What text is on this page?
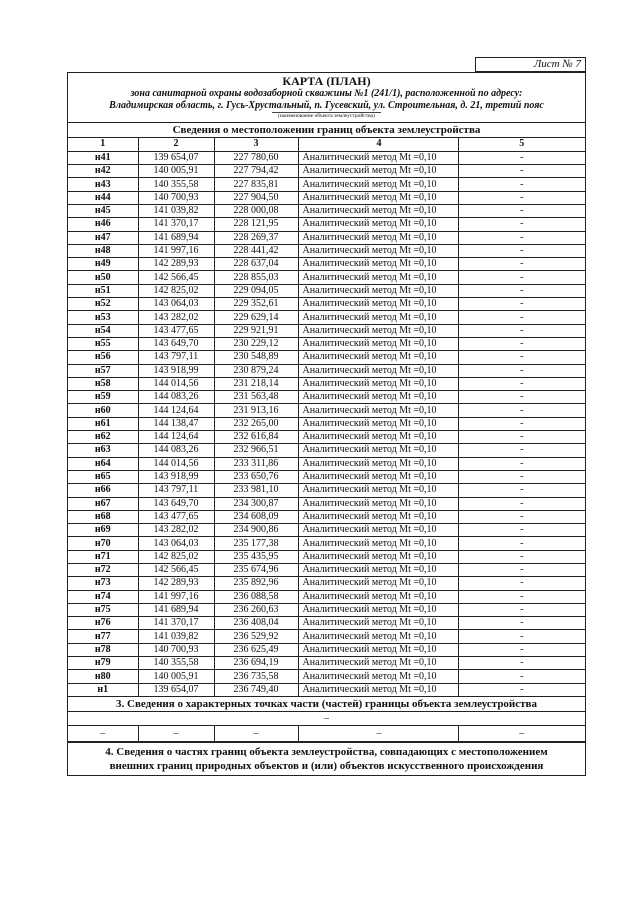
Лист № 7
КАРТА (ПЛАН)
зона санитарной охраны водозаборной скважины №1 (241/1), расположенной по адресу:
Владимирская область, г. Гусь-Хрустальный, п. Гусевский, ул. Строительная, д. 21, третий пояс
(наименование объекта землеустройства)
Сведения о местоположении границ объекта землеустройства
1	2	3	4	5
н41	139 654,07	227 780,60	Аналитический метод Mt =0,10	-
н42	140 005,91	227 794,42	Аналитический метод Mt =0,10	-
н43	140 355,58	227 835,81	Аналитический метод Mt =0,10	-
н44	140 700,93	227 904,50	Аналитический метод Mt =0,10	-
н45	141 039,82	228 000,08	Аналитический метод Mt =0,10	-
н46	141 370,17	228 121,95	Аналитический метод Mt =0,10	-
н47	141 689,94	228 269,37	Аналитический метод Mt =0,10	-
н48	141 997,16	228 441,42	Аналитический метод Mt =0,10	-
н49	142 289,93	228 637,04	Аналитический метод Mt =0,10	-
н50	142 566,45	228 855,03	Аналитический метод Mt =0,10	-
н51	142 825,02	229 094,05	Аналитический метод Mt =0,10	-
н52	143 064,03	229 352,61	Аналитический метод Mt =0,10	-
н53	143 282,02	229 629,14	Аналитический метод Mt =0,10	-
н54	143 477,65	229 921,91	Аналитический метод Mt =0,10	-
н55	143 649,70	230 229,12	Аналитический метод Mt =0,10	-
н56	143 797,11	230 548,89	Аналитический метод Mt =0,10	-
н57	143 918,99	230 879,24	Аналитический метод Mt =0,10	-
н58	144 014,56	231 218,14	Аналитический метод Mt =0,10	-
н59	144 083,26	231 563,48	Аналитический метод Mt =0,10	-
н60	144 124,64	231 913,16	Аналитический метод Mt =0,10	-
н61	144 138,47	232 265,00	Аналитический метод Mt =0,10	-
н62	144 124,64	232 616,84	Аналитический метод Mt =0,10	-
н63	144 083,26	232 966,51	Аналитический метод Mt =0,10	-
н64	144 014,56	233 311,86	Аналитический метод Mt =0,10	-
н65	143 918,99	233 650,76	Аналитический метод Mt =0,10	-
н66	143 797,11	233 981,10	Аналитический метод Mt =0,10	-
н67	143 649,70	234 300,87	Аналитический метод Mt =0,10	-
н68	143 477,65	234 608,09	Аналитический метод Mt =0,10	-
н69	143 282,02	234 900,86	Аналитический метод Mt =0,10	-
н70	143 064,03	235 177,38	Аналитический метод Mt =0,10	-
н71	142 825,02	235 435,95	Аналитический метод Mt =0,10	-
н72	142 566,45	235 674,96	Аналитический метод Mt =0,10	-
н73	142 289,93	235 892,96	Аналитический метод Mt =0,10	-
н74	141 997,16	236 088,58	Аналитический метод Mt =0,10	-
н75	141 689,94	236 260,63	Аналитический метод Mt =0,10	-
н76	141 370,17	236 408,04	Аналитический метод Mt =0,10	-
н77	141 039,82	236 529,92	Аналитический метод Mt =0,10	-
н78	140 700,93	236 625,49	Аналитический метод Mt =0,10	-
н79	140 355,58	236 694,19	Аналитический метод Mt =0,10	-
н80	140 005,91	236 735,58	Аналитический метод Mt =0,10	-
н1	139 654,07	236 749,40	Аналитический метод Mt =0,10	-
3. Сведения о характерных точках части (частей) границы объекта землеустройства
–
–	–	–	–	–
4. Сведения о частях границ объекта землеустройства, совпадающих с местоположением
внешних границ природных объектов и (или) объектов искусственного происхождения
